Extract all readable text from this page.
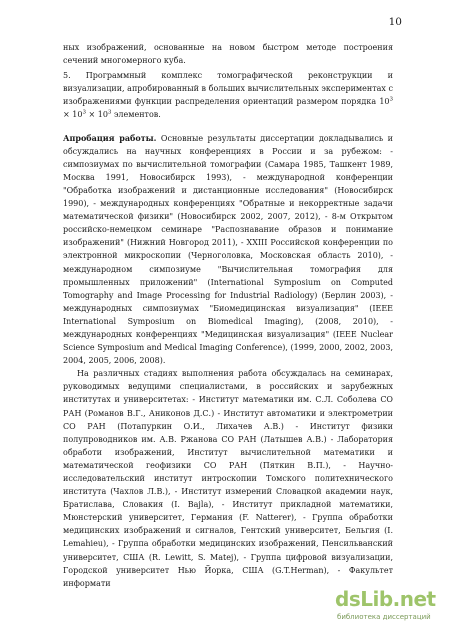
10

ных изображений, основанные на новом быстром методе построения сечений многомерного куба.

5. Программный комплекс томографической реконструкции и визуализации, апробированный в больших вычислительных экспериментах с изображениями функции распределения ориентаций размером порядка $10^3 \times 10^3 \times 10^3$ элементов.

Апробация работы. Основные результаты диссертации докладывались и обсуждались на научных конференциях в России и за рубежом: - симпозиумах по вычислительной томографии (Самара 1985, Ташкент 1989, Москва 1991, Новосибирск 1993), - международной конференции "Обработка изображений и дистанционные исследования" (Новосибирск 1990), - международных конференциях "Обратные и некорректные задачи математической физики" (Новосибирск 2002, 2007, 2012), - 8-м Открытом российско-немецком семинаре "Распознавание образов и понимание изображений" (Нижний Новгород 2011), - XXIII Российской конференции по электронной микроскопии (Черноголовка, Московская область 2010), - международном симпозиуме "Вычислительная томография для промышленных приложений" (International Symposium on Computed Tomography and Image Processing for Industrial Radiology) (Берлин 2003), - международных симпозиумах "Биомедицинская визуализация" (IEEE International Symposium on Biomedical Imaging), (2008, 2010), - международных конференциях "Медицинская визуализация" (IEEE Nuclear Science Symposium and Medical Imaging Conference), (1999, 2000, 2002, 2003, 2004, 2005, 2006, 2008).

На различных стадиях выполнения работа обсуждалась на семинарах, руководимых ведущими специалистами, в российских и зарубежных институтах и университетах: - Институт математики им. С.Л. Соболева СО РАН (Романов В.Г., Аниконов Д.С.) - Институт автоматики и электрометрии СО РАН (Потапуркин О.И., Лихачев А.В.) - Институт физики полупроводников им. А.В. Ржанова СО РАН (Латышев А.В.) - Лаборатория обработи изображений, Институт вычислительной математики и математической геофизики СО РАН (Пяткин В.П.), - Научно-исследовательский институт интроскопии Томского политехнического института (Чахлов Л.В.), - Институт измерений Словацкой академии наук, Братислава, Словакия (I. Bajla), - Институт прикладной математики, Мюнстерский университет, Германия (F. Natterer), - Группа обработки медицинских изображений и сигналов, Гентский университет, Бельгия (I. Lemahieu), - Группа обработки медицинских изображений, Пенсильванский университет, США (R. Lewitt, S. Matej), - Группа цифровой визуализации, Городской университет Нью Йорка, США (G.T.Herman), - Факультет информати

dsLib.net
библиотека диссертаций
